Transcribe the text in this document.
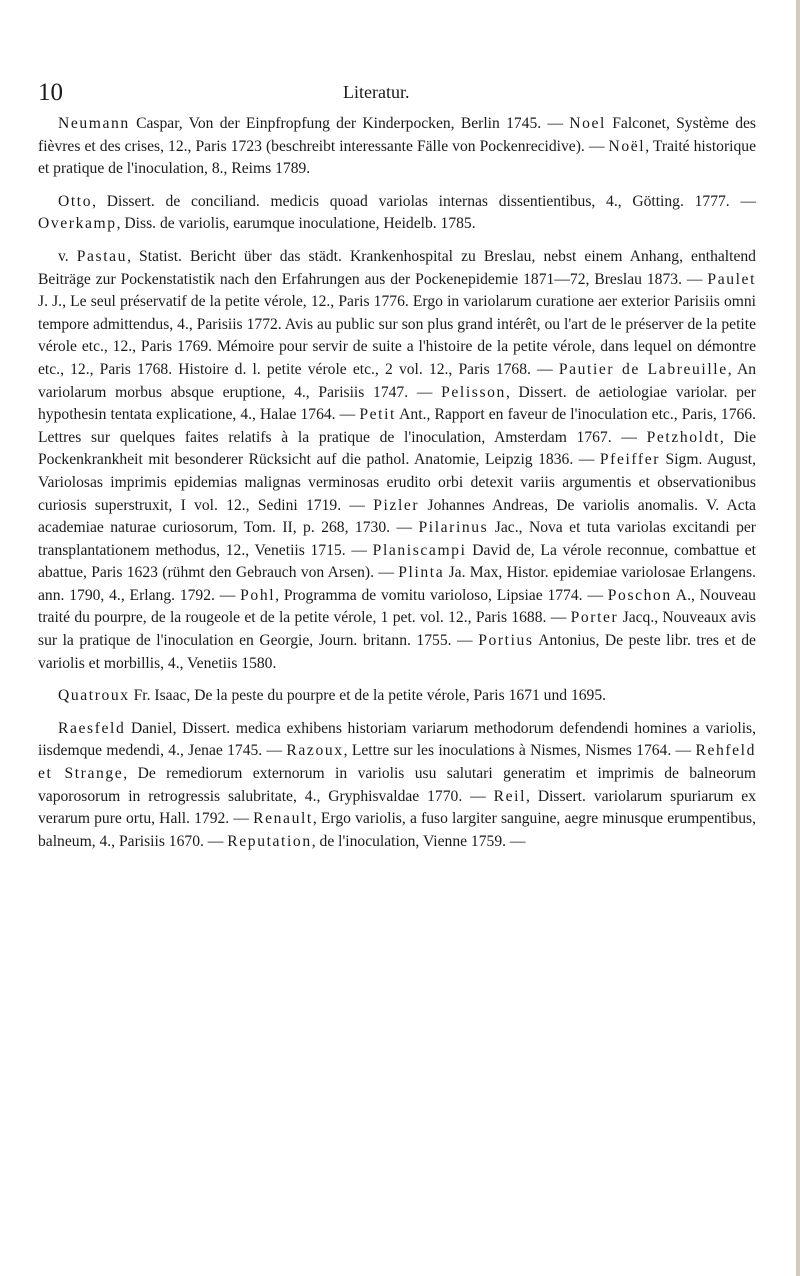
10	Literatur.

Neumann Caspar, Von der Einpfropfung der Kinderpocken, Berlin 1745. — Noel Falconet, Système des fièvres et des crises, 12., Paris 1723 (beschreibt interessante Fälle von Pockenrecidive). — Noël, Traité historique et pratique de l'inoculation, 8., Reims 1789.

Otto, Dissert. de conciliand. medicis quoad variolas internas dissentientibus, 4., Götting. 1777. — Overkamp, Diss. de variolis, earumque inoculatione, Heidelb. 1785.

v. Pastau, Statist. Bericht über das städt. Krankenhospital zu Breslau, nebst einem Anhang, enthaltend Beiträge zur Pockenstatistik nach den Erfahrungen aus der Pockenepidemie 1871—72, Breslau 1873. — Paulet J. J., Le seul préservatif de la petite vérole, 12., Paris 1776. Ergo in variolarum curatione aer exterior Parisiis omni tempore admittendus, 4., Parisiis 1772. Avis au public sur son plus grand intérêt, ou l'art de le préserver de la petite vérole etc., 12., Paris 1769. Mémoire pour servir de suite a l'histoire de la petite vérole, dans lequel on démontre etc., 12., Paris 1768. Histoire d. l. petite vérole etc., 2 vol. 12., Paris 1768. — Pautier de Labreuille, An variolarum morbus absque eruptione, 4., Parisiis 1747. — Pelisson, Dissert. de aetiologiae variolar. per hypothesin tentata explicatione, 4., Halae 1764. — Petit Ant., Rapport en faveur de l'inoculation etc., Paris, 1766. Lettres sur quelques faites relatifs à la pratique de l'inoculation, Amsterdam 1767. — Petzholdt, Die Pockenkrankheit mit besonderer Rücksicht auf die pathol. Anatomie, Leipzig 1836. — Pfeiffer Sigm. August, Variolosas imprimis epidemias malignas verminosas erudito orbi detexit variis argumentis et observationibus curiosis superstruxit, I vol. 12., Sedini 1719. — Pizler Johannes Andreas, De variolis anomalis. V. Acta academiae naturae curiosorum, Tom. II, p. 268, 1730. — Pilarinus Jac., Nova et tuta variolas excitandi per transplantationem methodus, 12., Venetiis 1715. — Planiscampi David de, La vérole reconnue, combattue et abattue, Paris 1623 (rühmt den Gebrauch von Arsen). — Plinta Ja. Max, Histor. epidemiae variolosae Erlangens. ann. 1790, 4., Erlang. 1792. — Pohl, Programma de vomitu varioloso, Lipsiae 1774. — Poschon A., Nouveau traité du pourpre, de la rougeole et de la petite vérole, 1 pet. vol. 12., Paris 1688. — Porter Jacq., Nouveaux avis sur la pratique de l'inoculation en Georgie, Journ. britann. 1755. — Portius Antonius, De peste libr. tres et de variolis et morbillis, 4., Venetiis 1580.

Quatroux Fr. Isaac, De la peste du pourpre et de la petite vérole, Paris 1671 und 1695.

Raesfeld Daniel, Dissert. medica exhibens historiam variarum methodorum defendendi homines a variolis, iisdemque medendi, 4., Jenae 1745. — Razoux, Lettre sur les inoculations à Nismes, Nismes 1764. — Rehfeld et Strange, De remediorum externorum in variolis usu salutari generatim et imprimis de balneorum vaporosorum in retrogressis salubritate, 4., Gryphisvaldae 1770. — Reil, Dissert. variolarum spuriarum ex verarum pure ortu, Hall. 1792. — Renault, Ergo variolis, a fuso largiter sanguine, aegre minusque erumpentibus, balneum, 4., Parisiis 1670. — Reputation, de l'inoculation, Vienne 1759. —
